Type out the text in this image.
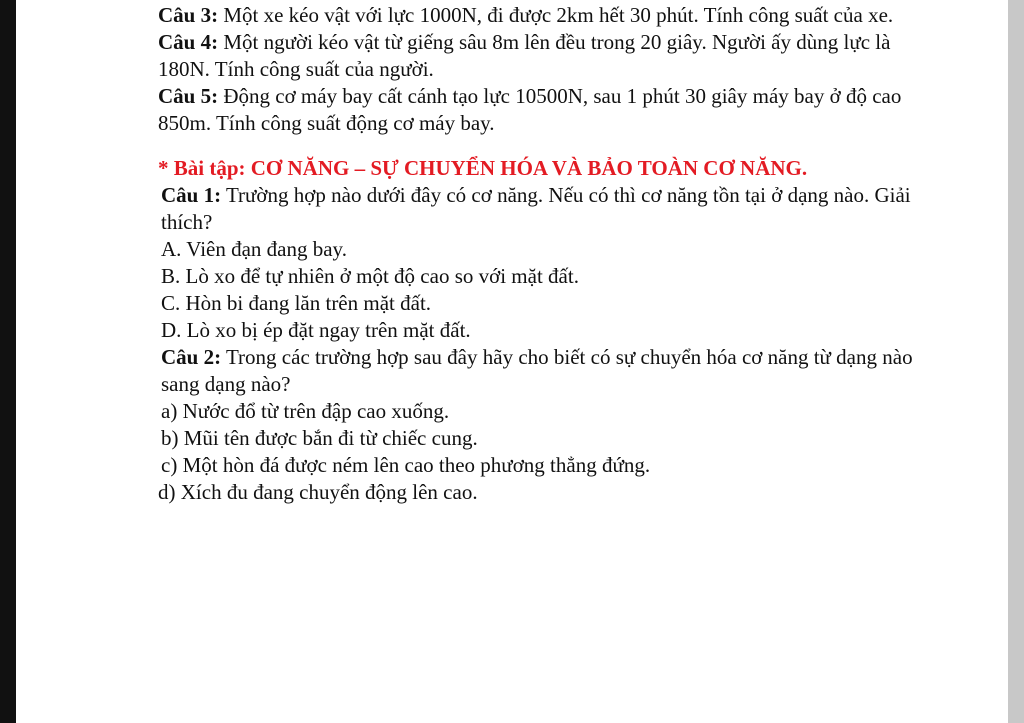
Câu 3: Một xe kéo vật với lực 1000N, đi được 2km hết 30 phút. Tính công suất của xe.

Câu 4: Một người kéo vật từ giếng sâu 8m lên đều trong 20 giây. Người ấy dùng lực là 180N. Tính công suất của người.

Câu 5: Động cơ máy bay cất cánh tạo lực 10500N, sau 1 phút 30 giây máy bay ở độ cao 850m. Tính công suất động cơ máy bay.

* Bài tập: CƠ NĂNG – SỰ CHUYỂN HÓA VÀ BẢO TOÀN CƠ NĂNG.

Câu 1: Trường hợp nào dưới đây có cơ năng. Nếu có thì cơ năng tồn tại ở dạng nào. Giải thích?

A. Viên đạn đang bay.

B. Lò xo để tự nhiên ở một độ cao so với mặt đất.

C. Hòn bi đang lăn trên mặt đất.

D. Lò xo bị ép đặt ngay trên mặt đất.

Câu 2: Trong các trường hợp sau đây hãy cho biết có sự chuyển hóa cơ năng từ dạng nào sang dạng nào?

a) Nước đổ từ trên đập cao xuống.

b) Mũi tên được bắn đi từ chiếc cung.

c) Một hòn đá được ném lên cao theo phương thẳng đứng.

d) Xích đu đang chuyển động lên cao.
